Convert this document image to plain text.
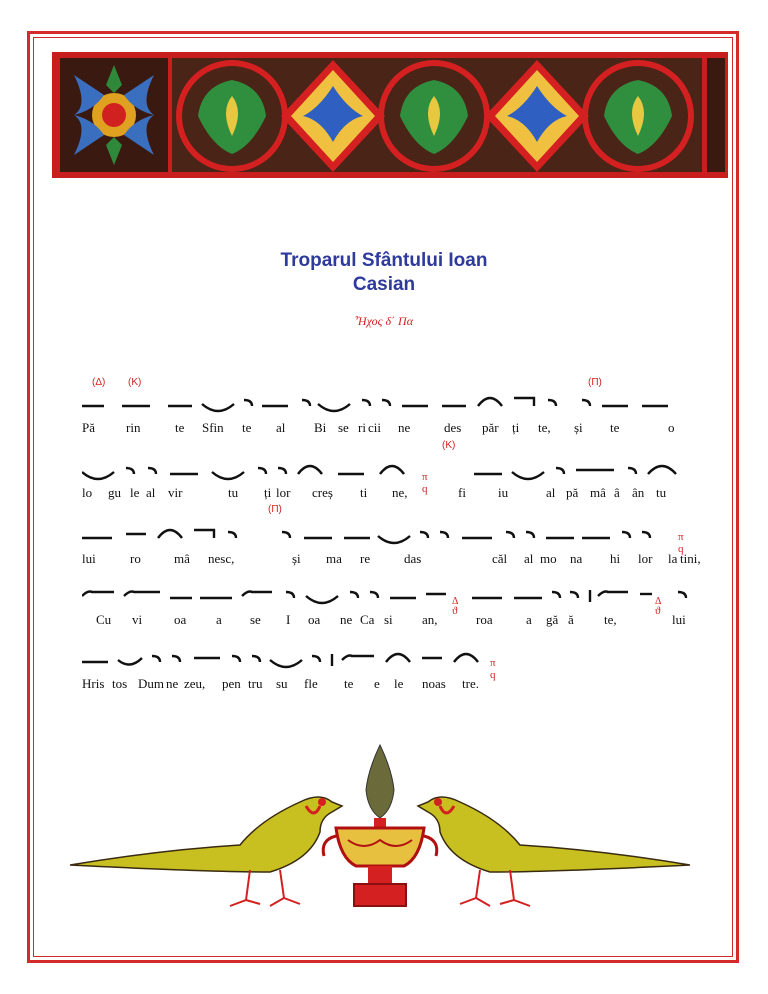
Troparul Sfântului Ioan
Casian
Ἦχος δ΄ Πα
Pă rin	te Sfin te al Bi se ri cii ne	des păr ți te, și te	o
lo gu le al vir	tu ți lor creș ti ne,	fi iu	al pă mâ â ân tu
lui	ro	mâ nesc,	și ma re	das	căl al mo na hi lor la tini,
Cu vi oa a se I oa ne Ca si an,	roa	a gă ă te,	lui
Hris tos Dum ne zeu, pen tru su fle te e le noas tre.
(Δ) (Κ)	(Π)
(Κ)
(Π)
π
q
π
q
π
q
Δ
ϑ
Δ
ϑ
